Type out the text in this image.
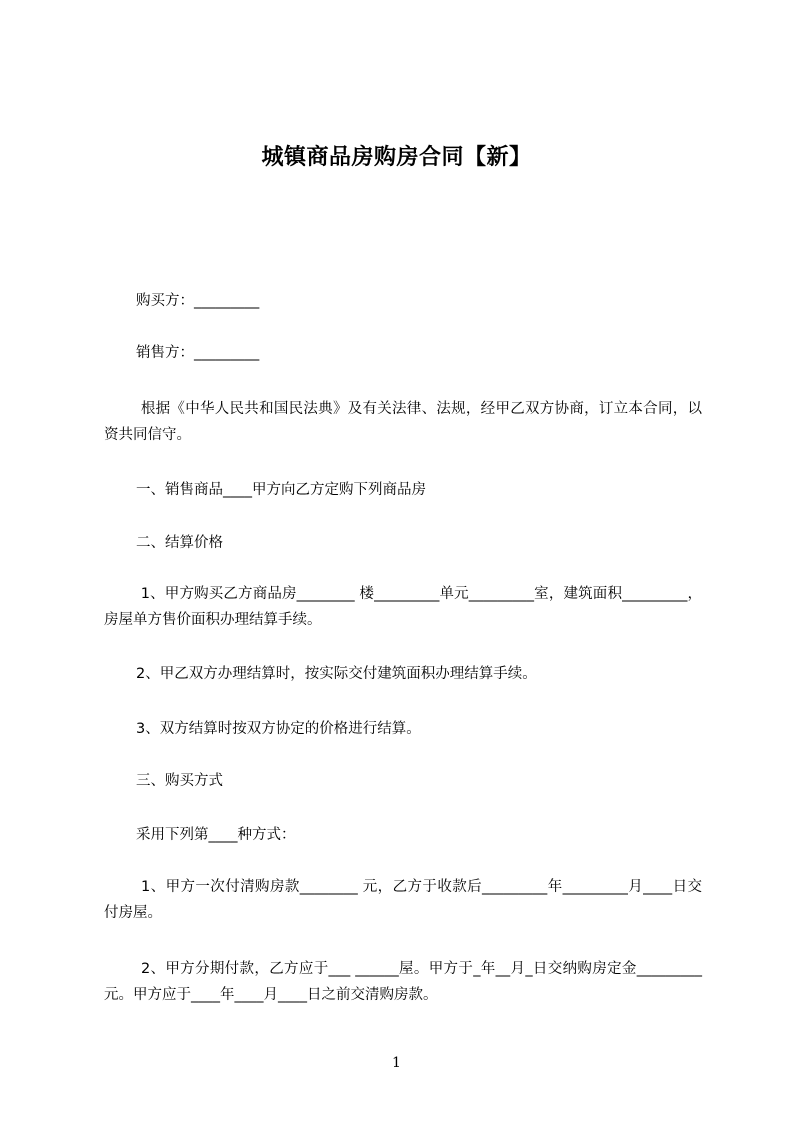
城镇商品房购房合同【新】
购买方：_________
销售方：_________
根据《中华人民共和国民法典》及有关法律、法规，经甲乙双方协商，订立本合同，以资共同信守。
一、销售商品____甲方向乙方定购下列商品房
二、结算价格
1、甲方购买乙方商品房________ 楼_________单元_________室，建筑面积_________，房屋单方售价面积办理结算手续。
2、甲乙双方办理结算时，按实际交付建筑面积办理结算手续。
3、双方结算时按双方协定的价格进行结算。
三、购买方式
采用下列第____种方式：
1、甲方一次付清购房款________ 元，乙方于收款后_________年_________月____日交付房屋。
2、甲方分期付款，乙方应于___ ______屋。甲方于_年__月_日交纳购房定金_________元。甲方应于____年____月____日之前交清购房款。
1
